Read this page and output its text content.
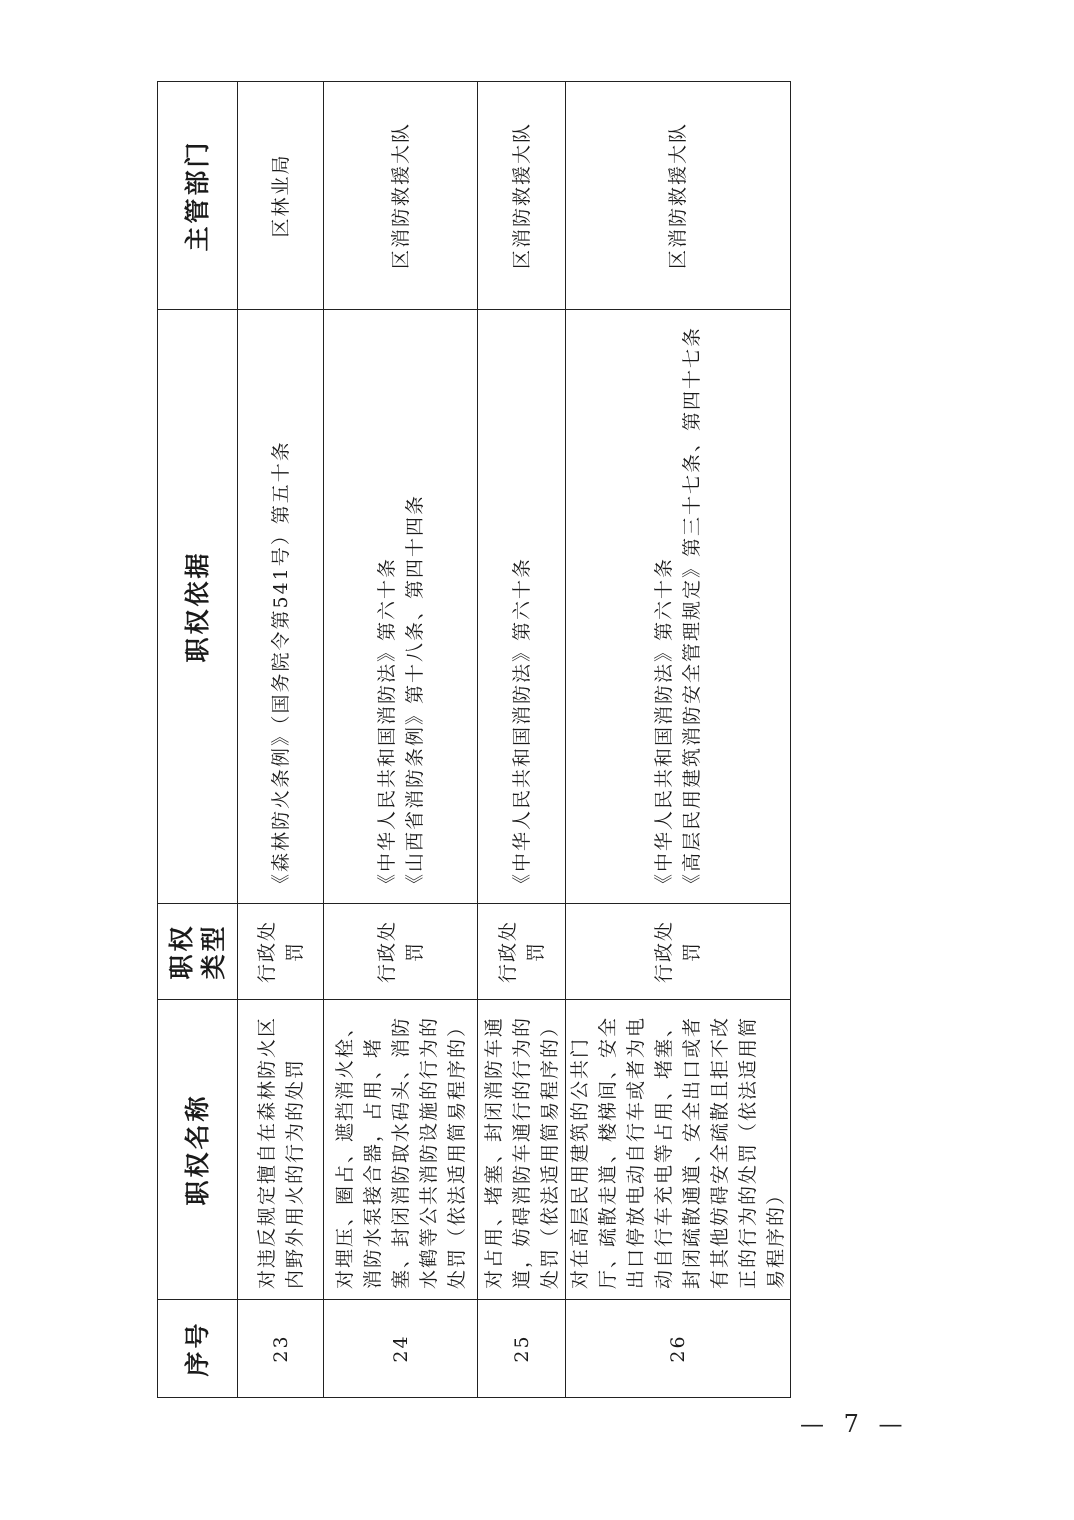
序号	职权名称	职权类型	职权依据	主管部门
23	对违反规定擅自在森林防火区内野外用火的行为的处罚	行政处罚	《森林防火条例》（国务院令第541号）第五十条	区林业局
24	对埋压、圈占、遮挡消火栓、消防水泵接合器，占用、堵塞、封闭消防取水码头、消防水鹤等公共消防设施的行为的处罚（依法适用简易程序的）	行政处罚	《中华人民共和国消防法》第六十条 《山西省消防条例》第十八条、第四十四条	区消防救援大队
25	对占用、堵塞、封闭消防车通道，妨碍消防车通行的行为的处罚（依法适用简易程序的）	行政处罚	《中华人民共和国消防法》第六十条	区消防救援大队
26	对在高层民用建筑的公共门厅、疏散走道、楼梯间、安全出口停放电动自行车或者为电动自行车充电等占用、堵塞、封闭疏散通道、安全出口或者有其他妨碍安全疏散且拒不改正的行为的处罚（依法适用简易程序的）	行政处罚	《中华人民共和国消防法》第六十条 《高层民用建筑消防安全管理规定》第三十七条、第四十七条	区消防救援大队
— 7 —
